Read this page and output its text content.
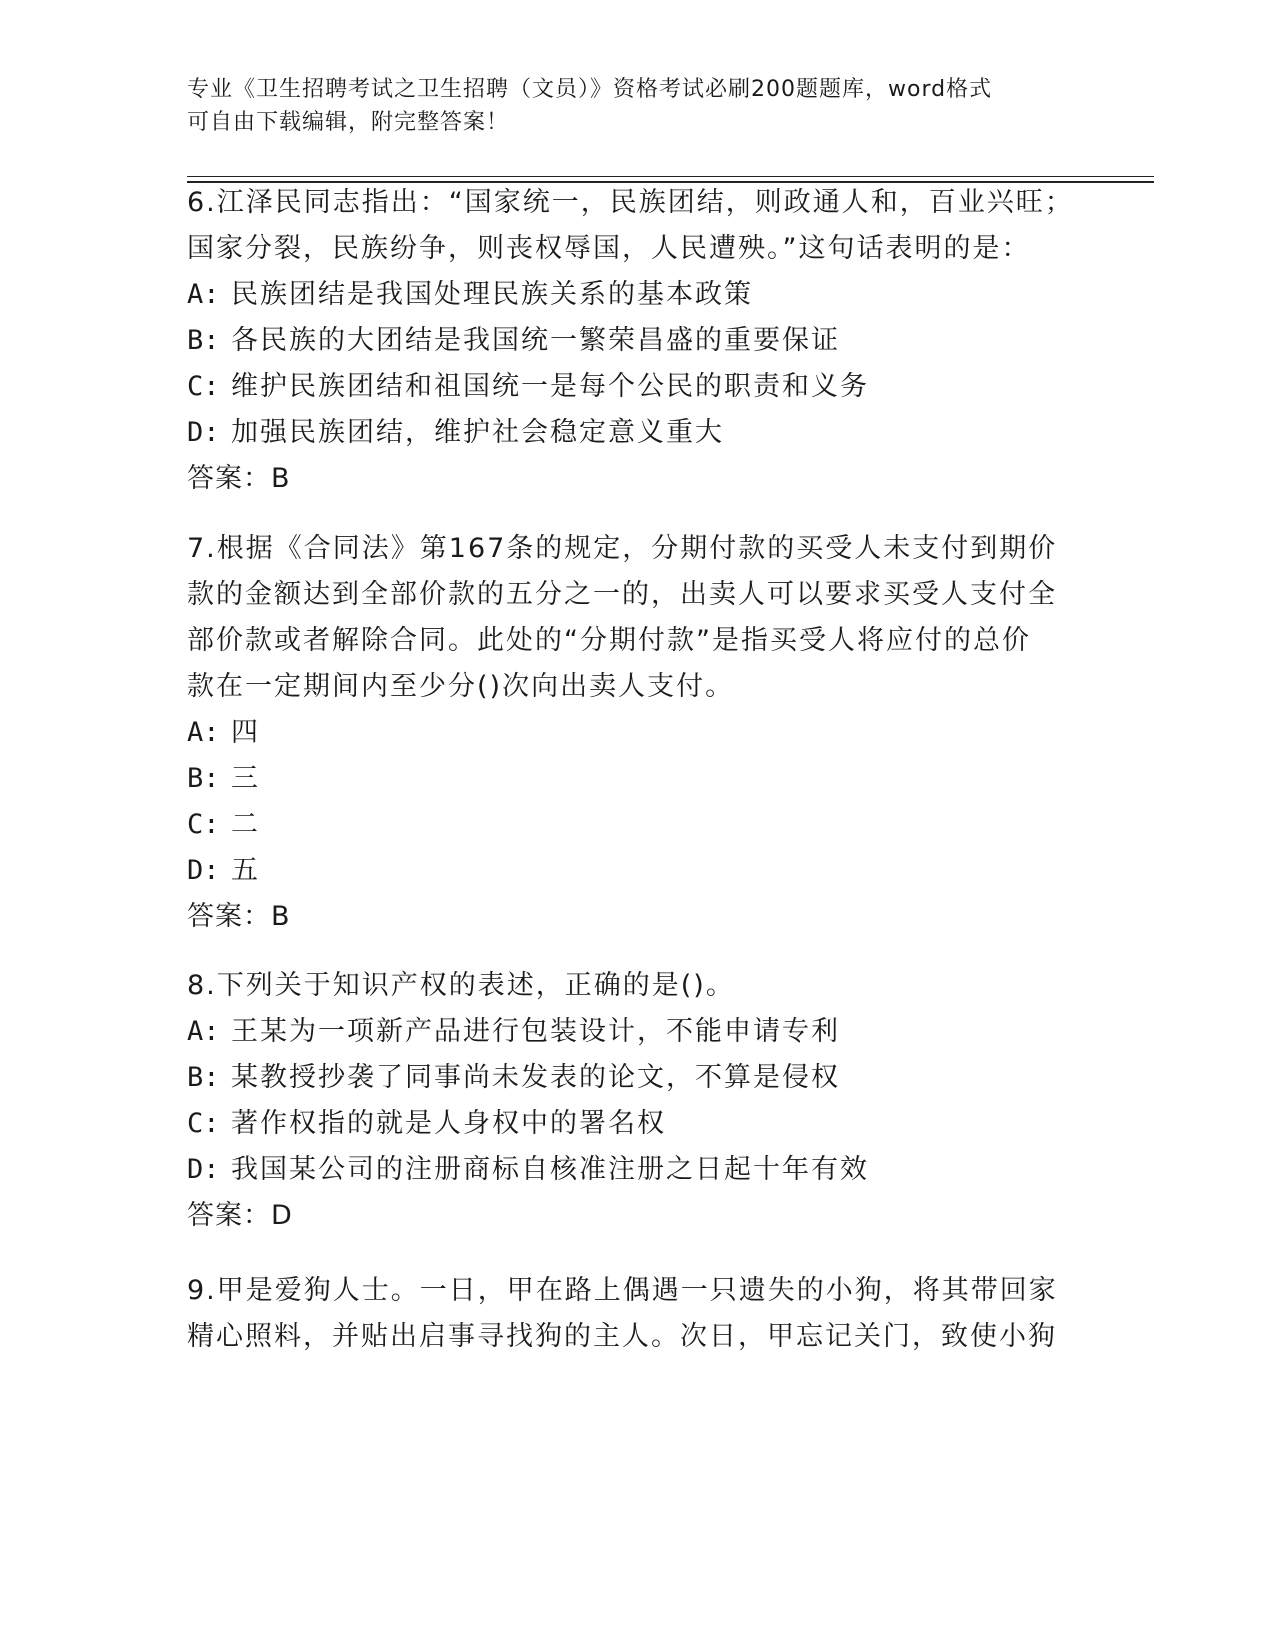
专业《卫生招聘考试之卫生招聘（文员）》资格考试必刷200题题库，word格式
可自由下载编辑，附完整答案！
6.江泽民同志指出：“国家统一，民族团结，则政通人和，百业兴旺；
国家分裂，民族纷争，则丧权辱国，人民遭殃。”这句话表明的是：
A: 民族团结是我国处理民族关系的基本政策
B: 各民族的大团结是我国统一繁荣昌盛的重要保证
C: 维护民族团结和祖国统一是每个公民的职责和义务
D: 加强民族团结，维护社会稳定意义重大
答案：B
7.根据《合同法》第167条的规定，分期付款的买受人未支付到期价
款的金额达到全部价款的五分之一的，出卖人可以要求买受人支付全
部价款或者解除合同。此处的“分期付款”是指买受人将应付的总价
款在一定期间内至少分()次向出卖人支付。
A: 四
B: 三
C: 二
D: 五
答案：B
8.下列关于知识产权的表述，正确的是()。
A: 王某为一项新产品进行包装设计，不能申请专利
B: 某教授抄袭了同事尚未发表的论文，不算是侵权
C: 著作权指的就是人身权中的署名权
D: 我国某公司的注册商标自核准注册之日起十年有效
答案：D
9.甲是爱狗人士。一日，甲在路上偶遇一只遗失的小狗，将其带回家
精心照料，并贴出启事寻找狗的主人。次日，甲忘记关门，致使小狗
